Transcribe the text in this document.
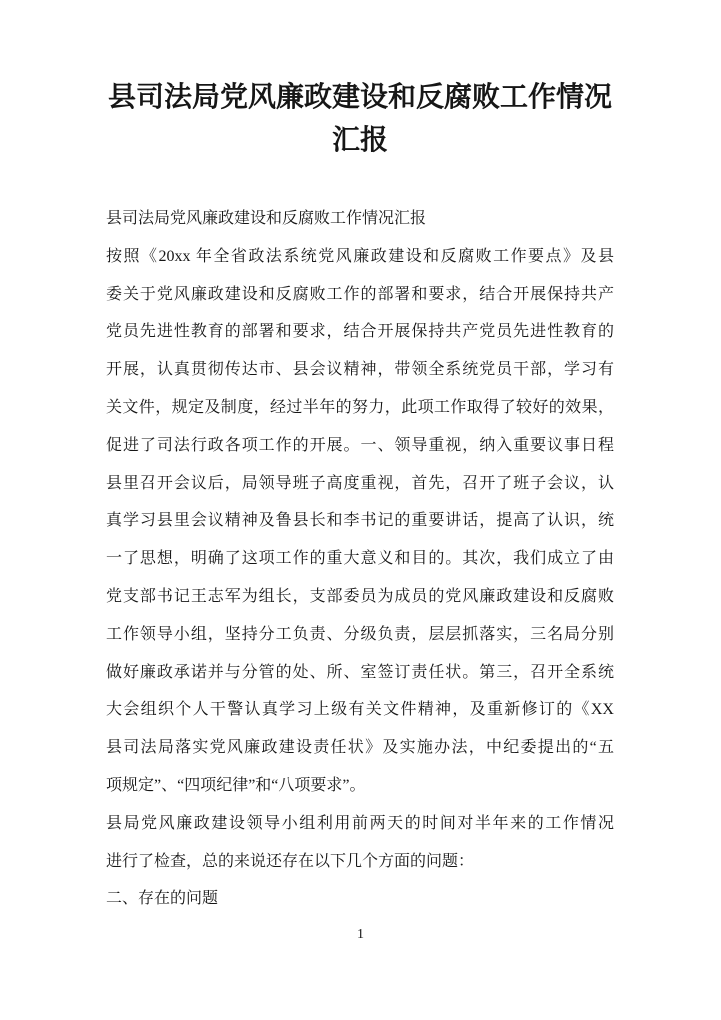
县司法局党风廉政建设和反腐败工作情况
汇报
县司法局党风廉政建设和反腐败工作情况汇报
按照《20xx 年全省政法系统党风廉政建设和反腐败工作要点》及县
委关于党风廉政建设和反腐败工作的部署和要求，结合开展保持共产
党员先进性教育的部署和要求，结合开展保持共产党员先进性教育的
开展，认真贯彻传达市、县会议精神，带领全系统党员干部，学习有
关文件，规定及制度，经过半年的努力，此项工作取得了较好的效果，
促进了司法行政各项工作的开展。一、领导重视，纳入重要议事日程
县里召开会议后，局领导班子高度重视，首先，召开了班子会议，认
真学习县里会议精神及鲁县长和李书记的重要讲话，提高了认识，统
一了思想，明确了这项工作的重大意义和目的。其次，我们成立了由
党支部书记王志军为组长，支部委员为成员的党风廉政建设和反腐败
工作领导小组，坚持分工负责、分级负责，层层抓落实，三名局分别
做好廉政承诺并与分管的处、所、室签订责任状。第三，召开全系统
大会组织个人干警认真学习上级有关文件精神，及重新修订的《XX
县司法局落实党风廉政建设责任状》及实施办法，中纪委提出的“五
项规定”、“四项纪律”和“八项要求”。
县局党风廉政建设领导小组利用前两天的时间对半年来的工作情况
进行了检查，总的来说还存在以下几个方面的问题：
二、存在的问题
1
